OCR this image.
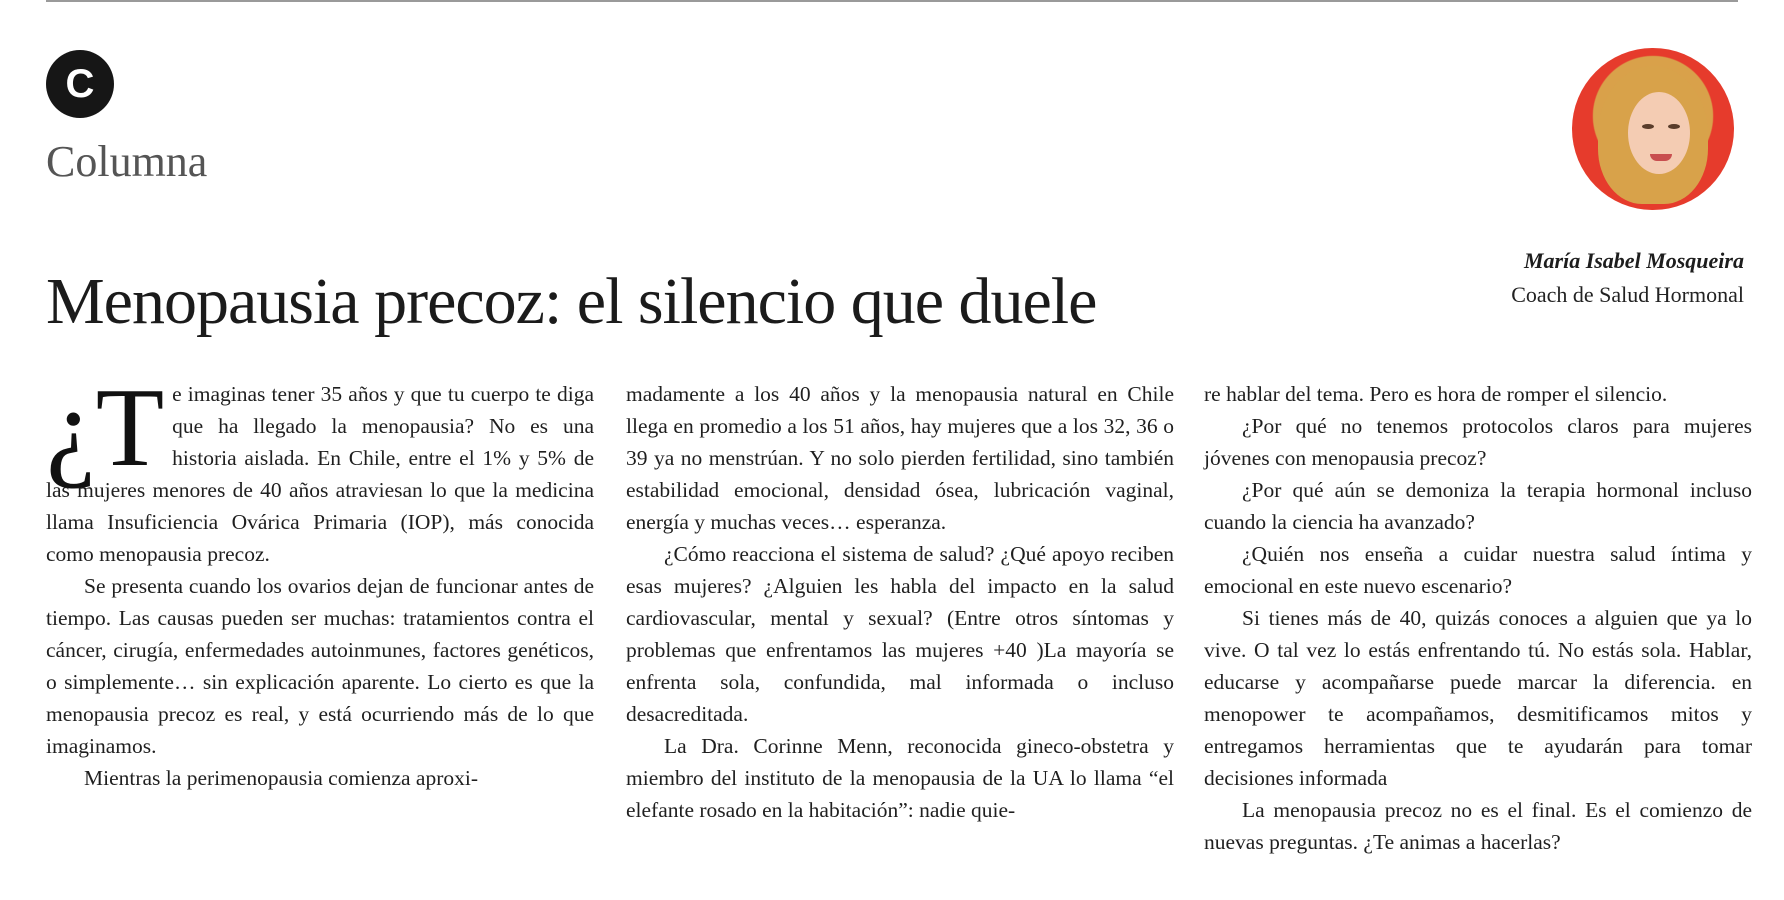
C
Columna
María Isabel Mosqueira
Coach de Salud Hormonal
Menopausia precoz: el silencio que duele

¿T e imaginas tener 35 años y que tu cuerpo te diga que ha llegado la menopausia? No es una historia aislada. En Chile, entre el 1% y 5% de las mujeres menores de 40 años atraviesan lo que la medicina llama Insuficiencia Ovárica Primaria (IOP), más conocida como menopausia precoz.

Se presenta cuando los ovarios dejan de funcionar antes de tiempo. Las causas pueden ser muchas: tratamientos contra el cáncer, cirugía, enfermedades autoinmunes, factores genéticos, o simplemente… sin explicación aparente. Lo cierto es que la menopausia precoz es real, y está ocurriendo más de lo que imaginamos.

Mientras la perimenopausia comienza aproxi-

madamente a los 40 años y la menopausia natural en Chile llega en promedio a los 51 años, hay mujeres que a los 32, 36 o 39 ya no menstrúan. Y no solo pierden fertilidad, sino también estabilidad emocional, densidad ósea, lubricación vaginal, energía y muchas veces… esperanza.

¿Cómo reacciona el sistema de salud? ¿Qué apoyo reciben esas mujeres? ¿Alguien les habla del impacto en la salud cardiovascular, mental y sexual? (Entre otros síntomas y problemas que enfrentamos las mujeres +40 )La mayoría se enfrenta sola, confundida, mal informada o incluso desacreditada.

La Dra. Corinne Menn, reconocida gineco-obstetra y miembro del instituto de la menopausia de la UA lo llama “el elefante rosado en la habitación”: nadie quie-

re hablar del tema. Pero es hora de romper el silencio.

¿Por qué no tenemos protocolos claros para mujeres jóvenes con menopausia precoz?

¿Por qué aún se demoniza la terapia hormonal incluso cuando la ciencia ha avanzado?

¿Quién nos enseña a cuidar nuestra salud íntima y emocional en este nuevo escenario?

Si tienes más de 40, quizás conoces a alguien que ya lo vive. O tal vez lo estás enfrentando tú. No estás sola. Hablar, educarse y acompañarse puede marcar la diferencia. en menopower te acompañamos, desmitificamos mitos y entregamos herramientas que te ayudarán para tomar decisiones informada

La menopausia precoz no es el final. Es el comienzo de nuevas preguntas. ¿Te animas a hacerlas?
